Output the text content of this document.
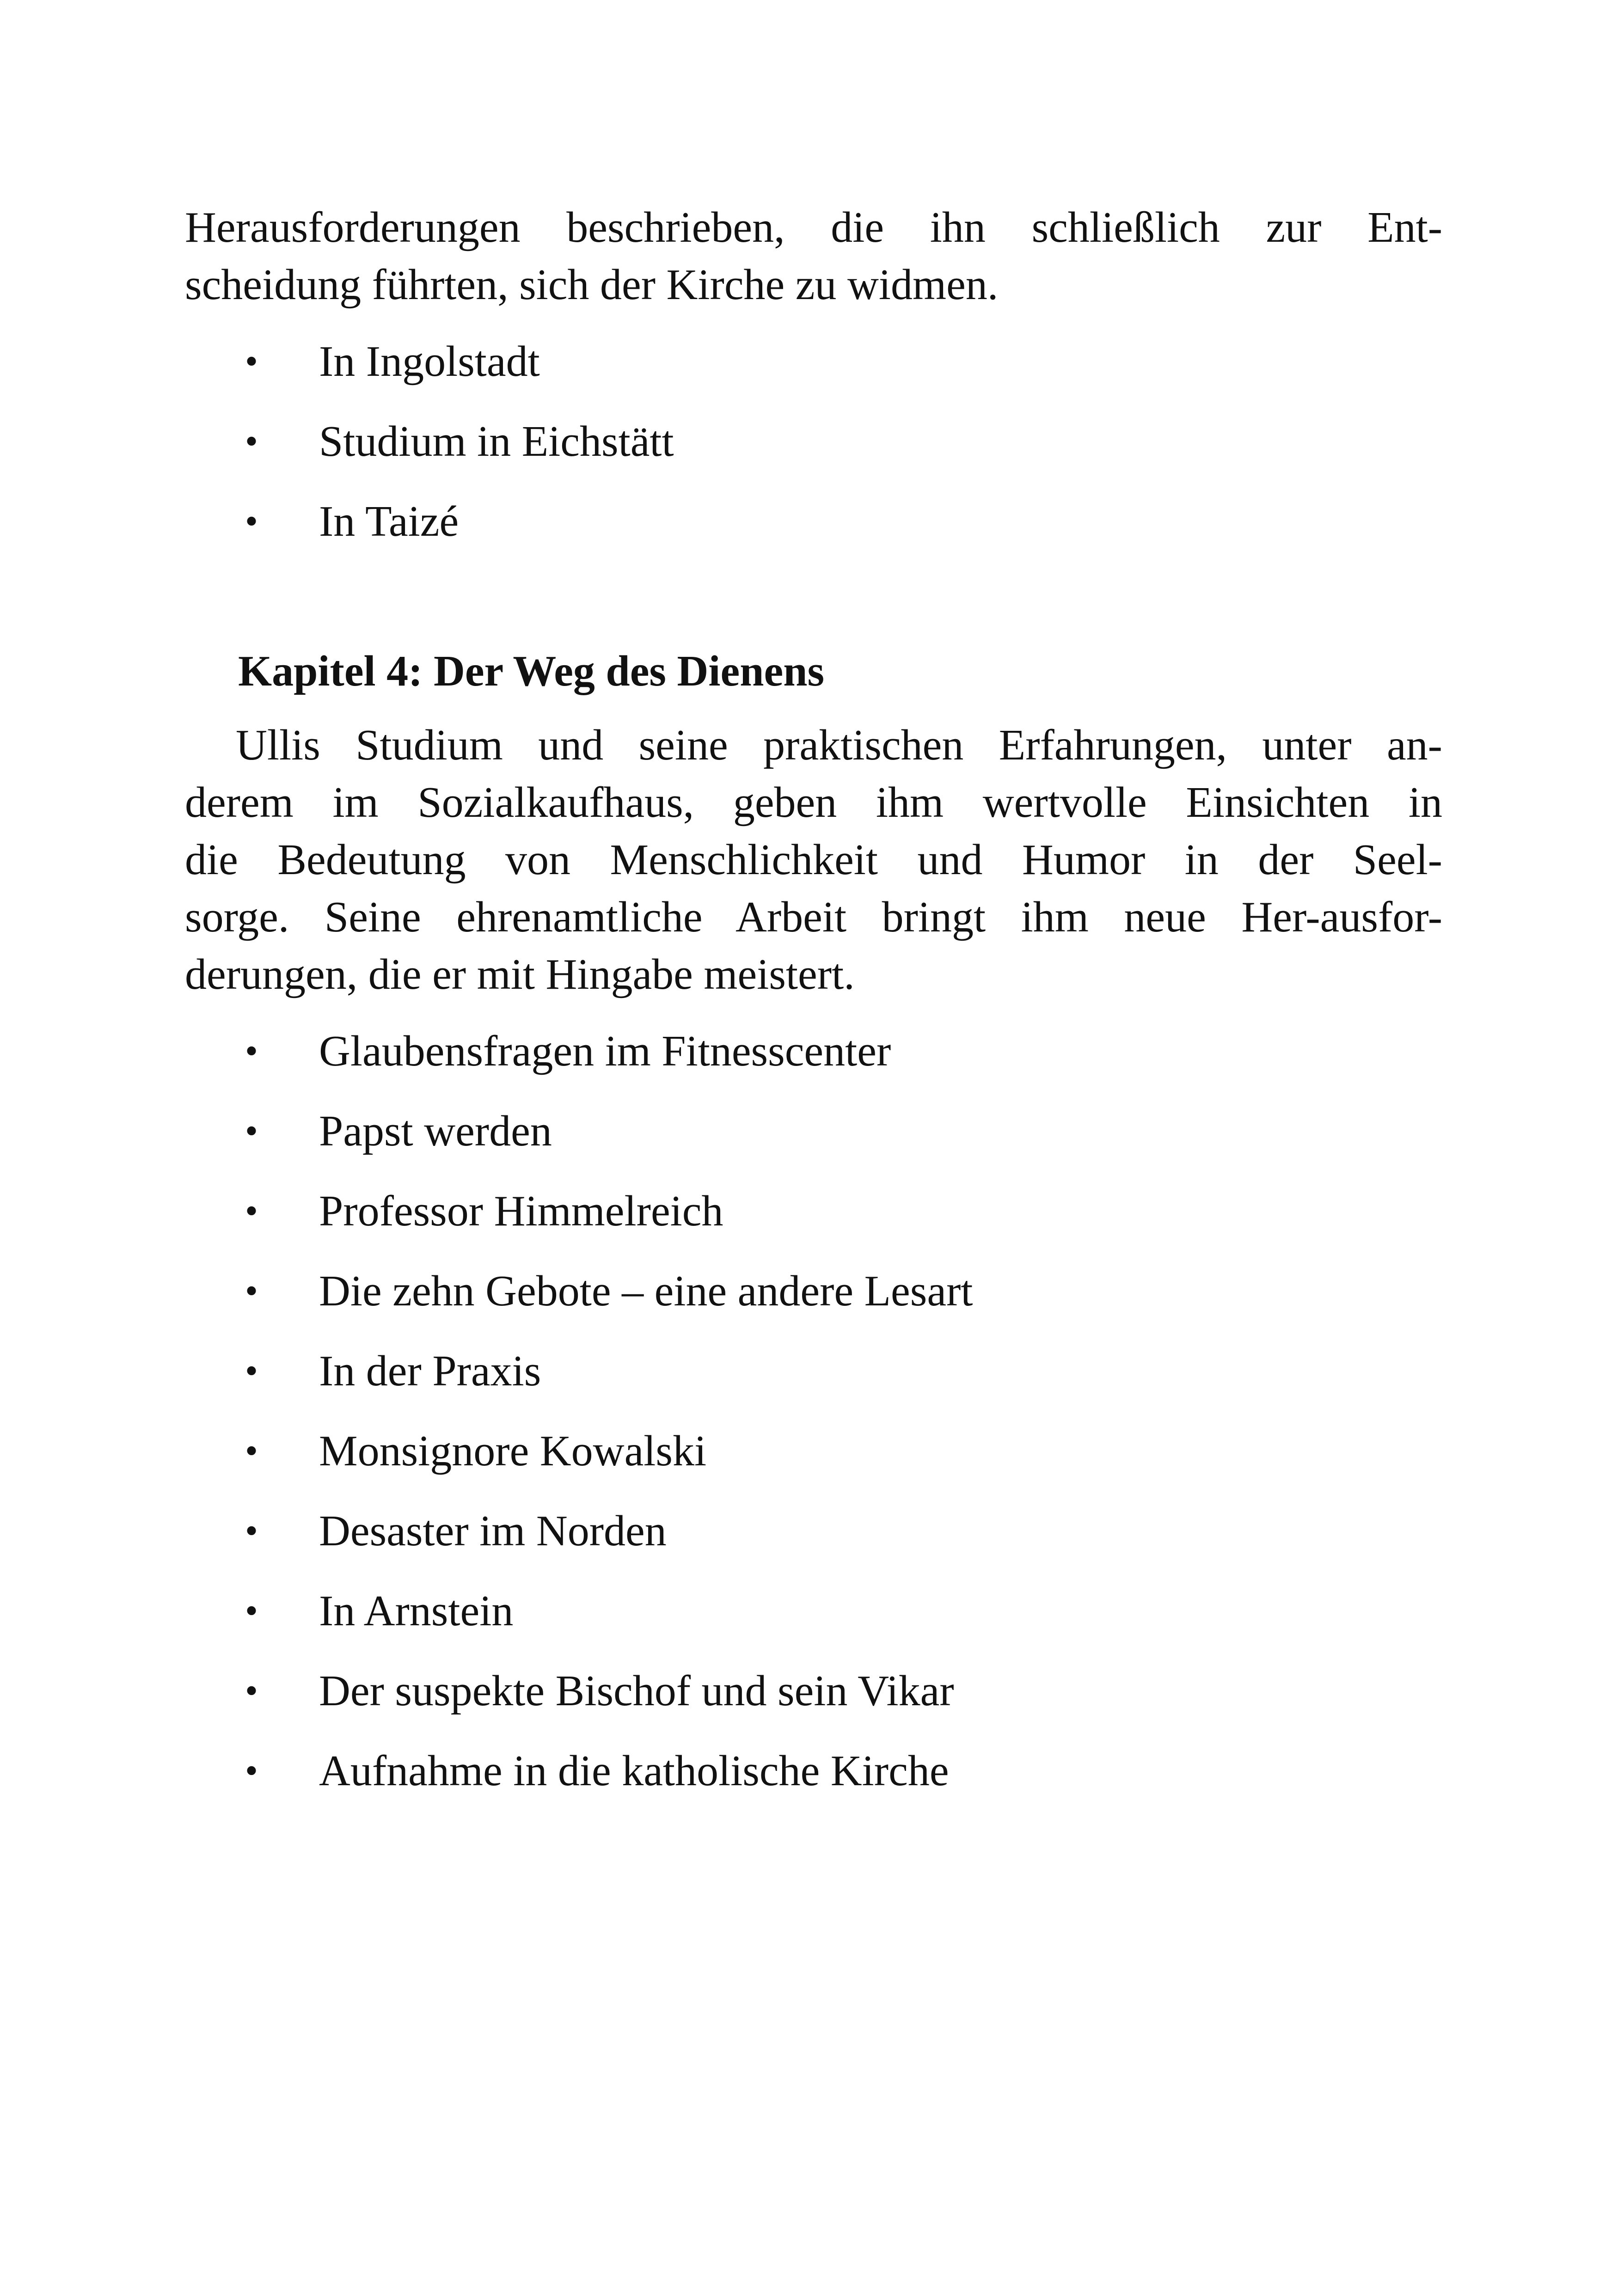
Herausforderungen beschrieben, die ihn schließlich zur Ent-
scheidung führten, sich der Kirche zu widmen.

• In Ingolstadt
• Studium in Eichstätt
• In Taizé
Kapitel 4: Der Weg des Dienens

Ullis Studium und seine praktischen Erfahrungen, unter an-
derem im Sozialkaufhaus, geben ihm wertvolle Einsichten in
die Bedeutung von Menschlichkeit und Humor in der Seel-
sorge. Seine ehrenamtliche Arbeit bringt ihm neue Her-ausfor-
derungen, die er mit Hingabe meistert.

• Glaubensfragen im Fitnesscenter
• Papst werden
• Professor Himmelreich
• Die zehn Gebote – eine andere Lesart
• In der Praxis
• Monsignore Kowalski
• Desaster im Norden
• In Arnstein
• Der suspekte Bischof und sein Vikar
• Aufnahme in die katholische Kirche
